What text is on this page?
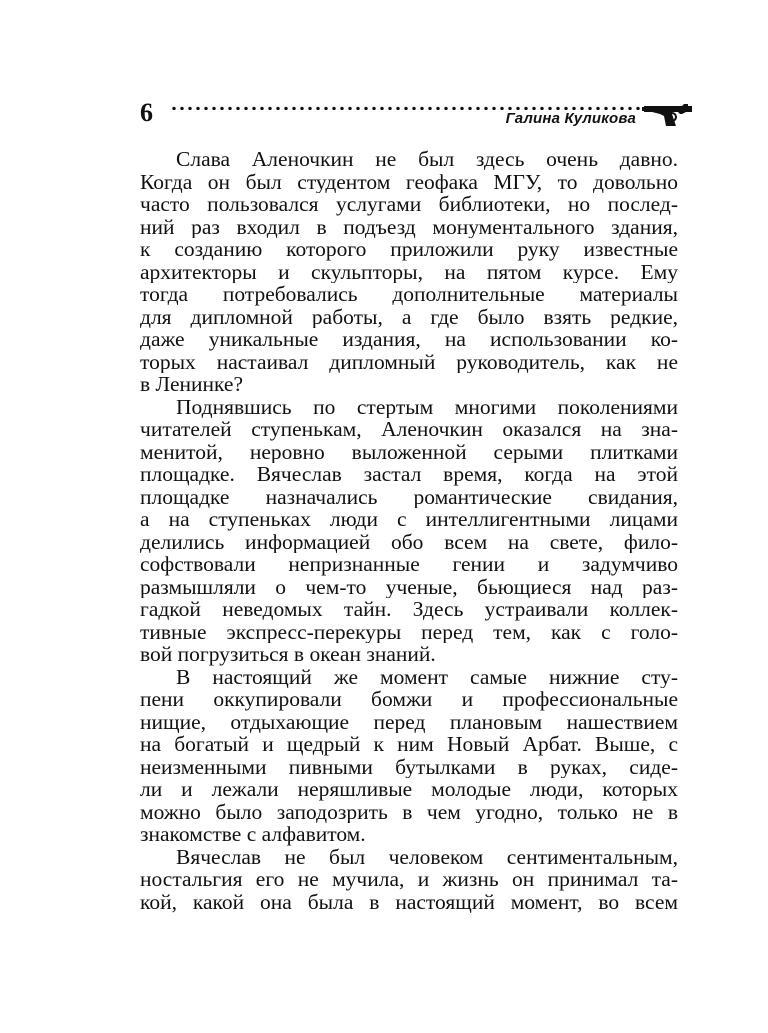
6	Галина Куликова
Слава Аленочкин не был здесь очень давно.
Когда он был студентом геофака МГУ, то довольно
часто пользовался услугами библиотеки, но послед-
ний раз входил в подъезд монументального здания,
к созданию которого приложили руку известные
архитекторы и скульпторы, на пятом курсе. Ему
тогда потребовались дополнительные материалы
для дипломной работы, а где было взять редкие,
даже уникальные издания, на использовании ко-
торых настаивал дипломный руководитель, как не
в Ленинке?
Поднявшись по стертым многими поколениями
читателей ступенькам, Аленочкин оказался на зна-
менитой, неровно выложенной серыми плитками
площадке. Вячеслав застал время, когда на этой
площадке назначались романтические свидания,
а на ступеньках люди с интеллигентными лицами
делились информацией обо всем на свете, фило-
софствовали непризнанные гении и задумчиво
размышляли о чем-то ученые, бьющиеся над раз-
гадкой неведомых тайн. Здесь устраивали коллек-
тивные экспресс-перекуры перед тем, как с голо-
вой погрузиться в океан знаний.
В настоящий же момент самые нижние сту-
пени оккупировали бомжи и профессиональные
нищие, отдыхающие перед плановым нашествием
на богатый и щедрый к ним Новый Арбат. Выше, с
неизменными пивными бутылками в руках, сиде-
ли и лежали неряшливые молодые люди, которых
можно было заподозрить в чем угодно, только не в
знакомстве с алфавитом.
Вячеслав не был человеком сентиментальным,
ностальгия его не мучила, и жизнь он принимал та-
кой, какой она была в настоящий момент, во всем
